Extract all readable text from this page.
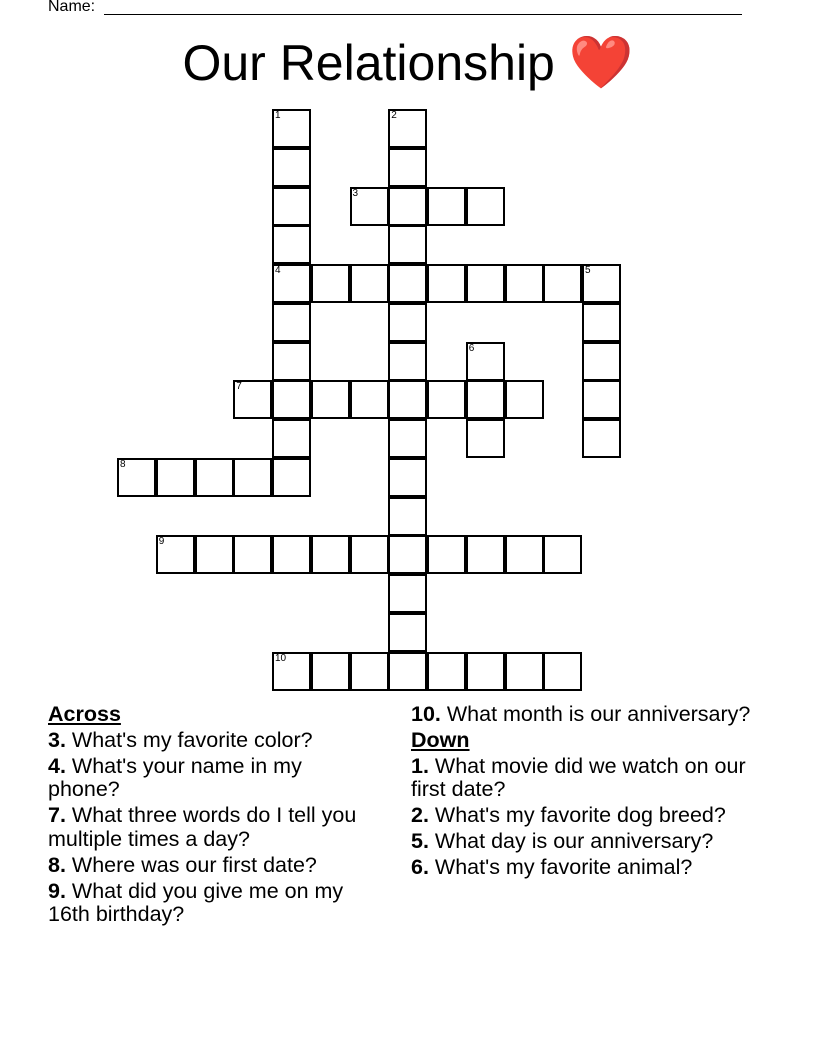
Name:
Our Relationship ❤️
1
4
2
3
5
6
7
8
9
10
Across
3. What's my favorite color?
4. What's your name in my phone?
7. What three words do I tell you multiple times a day?
8. Where was our first date?
9. What did you give me on my 16th birthday?
10. What month is our anniversary?
Down
1. What movie did we watch on our first date?
2. What's my favorite dog breed?
5. What day is our anniversary?
6. What's my favorite animal?
